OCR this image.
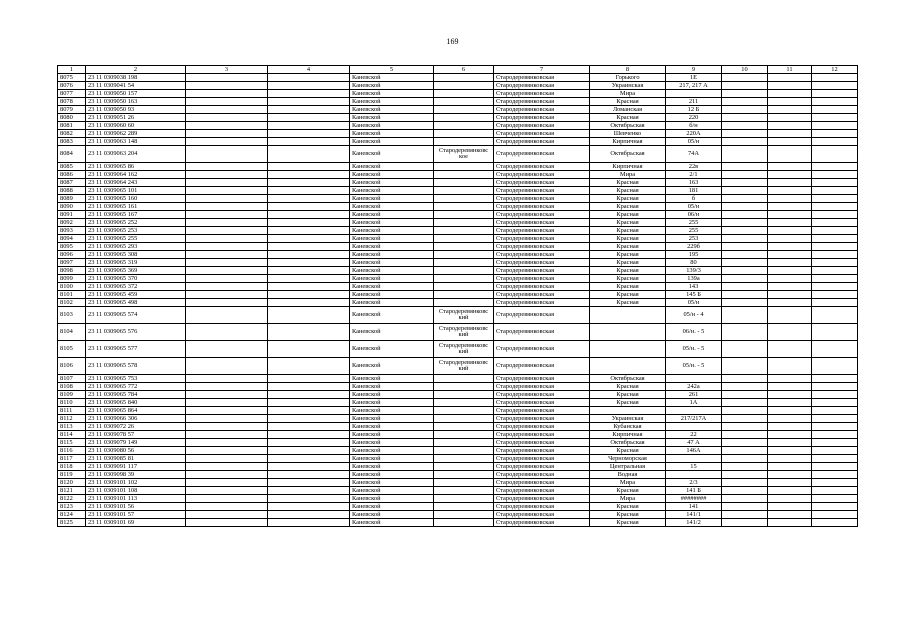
169
1	2	3	4	5	6	7	8	9	10	11	12
8075	23 11 0309038 198			Каневской		Стародеревянковская	Горького	1Е			
8076	23 11 0309041 54			Каневской		Стародеревянковская	Украинская	217, 217 А			
8077	23 11 0309050 157			Каневской		Стародеревянковская	Мира				
8078	23 11 0309050 163			Каневской		Стародеревянковская	Красная	211			
8079	23 11 0309050 93			Каневской		Стародеревянковская	Ломанская	12 Б			
8080	23 11 0309051 26			Каневской		Стародеревянковская	Красная	220			
8081	23 11 0309060 60			Каневской		Стародеревянковская	Октябрьская	б/н			
8082	23 11 0309062 289			Каневской		Стародеревянковская	Шевченко	220А			
8083	23 11 0309063 148			Каневской		Стародеревянковская	Кирпичная	05/н			
8084	23 11 0309063 204			Каневской	Стародеревянковс кое	Стародеревянковская	Октябрьская	74А			
8085	23 11 0309065 86			Каневской		Стародеревянковская	Кирпичная	22в			
8086	23 11 0309064 162			Каневской		Стародеревянковская	Мира	2/1			
8087	23 11 0309064 243			Каневской		Стародеревянковская	Красная	163			
8088	23 11 0309065 101			Каневской		Стародеревянковская	Красная	181			
8089	23 11 0309065 160			Каневской		Стародеревянковская	Красная	б			
8090	23 11 0309065 161			Каневской		Стародеревянковская	Красная	05/н			
8091	23 11 0309065 167			Каневской		Стародеревянковская	Красная	06/н			
8092	23 11 0309065 252			Каневской		Стародеревянковская	Красная	255			
8093	23 11 0309065 253			Каневской		Стародеревянковская	Красная	255			
8094	23 11 0309065 255			Каневской		Стародеревянковская	Красная	253			
8095	23 11 0309065 293			Каневской		Стародеревянковская	Красная	229б			
8096	23 11 0309065 308			Каневской		Стародеревянковская	Красная	195			
8097	23 11 0309065 319			Каневской		Стародеревянковская	Красная	80			
8098	23 11 0309065 369			Каневской		Стародеревянковская	Красная	139/3			
8099	23 11 0309065 370			Каневской		Стародеревянковская	Красная	139а			
8100	23 11 0309065 372			Каневской		Стародеревянковская	Красная	143			
8101	23 11 0309065 459			Каневской		Стародеревянковская	Красная	145 Б			
8102	23 11 0309065 498			Каневской		Стародеревянковская	Красная	05/н			
8103	23 11 0309065 574			Каневской	Стародеревянковс кий	Стародеревянковская		05/н - 4			
8104	23 11 0309065 576			Каневской	Стародеревянковс кий	Стародеревянковская		06/н. - 5			
8105	23 11 0309065 577			Каневской	Стародеревянковс кий	Стародеревянковская		05/н. - 5			
8106	23 11 0309065 578			Каневской	Стародеревянковс кий	Стародеревянковская		05/н. - 5			
8107	23 11 0309065 753			Каневской		Стародеревянковская	Октябрьская				
8108	23 11 0309065 772			Каневской		Стародеревянковская	Красная	242а			
8109	23 11 0309065 784			Каневской		Стародеревянковская	Красная	261			
8110	23 11 0309065 840			Каневской		Стародеревянковская	Красная	1А			
8111	23 11 0309065 864			Каневской		Стародеревянковская					
8112	23 11 0309066 306			Каневской		Стародеревянковская	Украинская	217/217А			
8113	23 11 0309072 26			Каневской		Стародеревянковская	Кубанская				
8114	23 11 0309078 57			Каневской		Стародеревянковская	Кирпичная	22			
8115	23 11 0309079 149			Каневской		Стародеревянковская	Октябрьская	47 А			
8116	23 11 0309080 56			Каневской		Стародеревянковская	Красная	146А			
8117	23 11 0309085 81			Каневской		Стародеревянковская	Черноморская				
8118	23 11 0309091 117			Каневской		Стародеревянковская	Центральная	15			
8119	23 11 0309098 39			Каневской		Стародеревянковская	Водная				
8120	23 11 0309101 102			Каневской		Стародеревянковская	Мира	2/3			
8121	23 11 0309101 108			Каневской		Стародеревянковская	Красная	141 Б			
8122	23 11 0309101 113			Каневской		Стародеревянковская	Мира	########			
8123	23 11 0309101 56			Каневской		Стародеревянковская	Красная	141			
8124	23 11 0309101 57			Каневской		Стародеревянковская	Красная	141/1			
8125	23 11 0309101 69			Каневской		Стародеревянковская	Красная	141/2			
